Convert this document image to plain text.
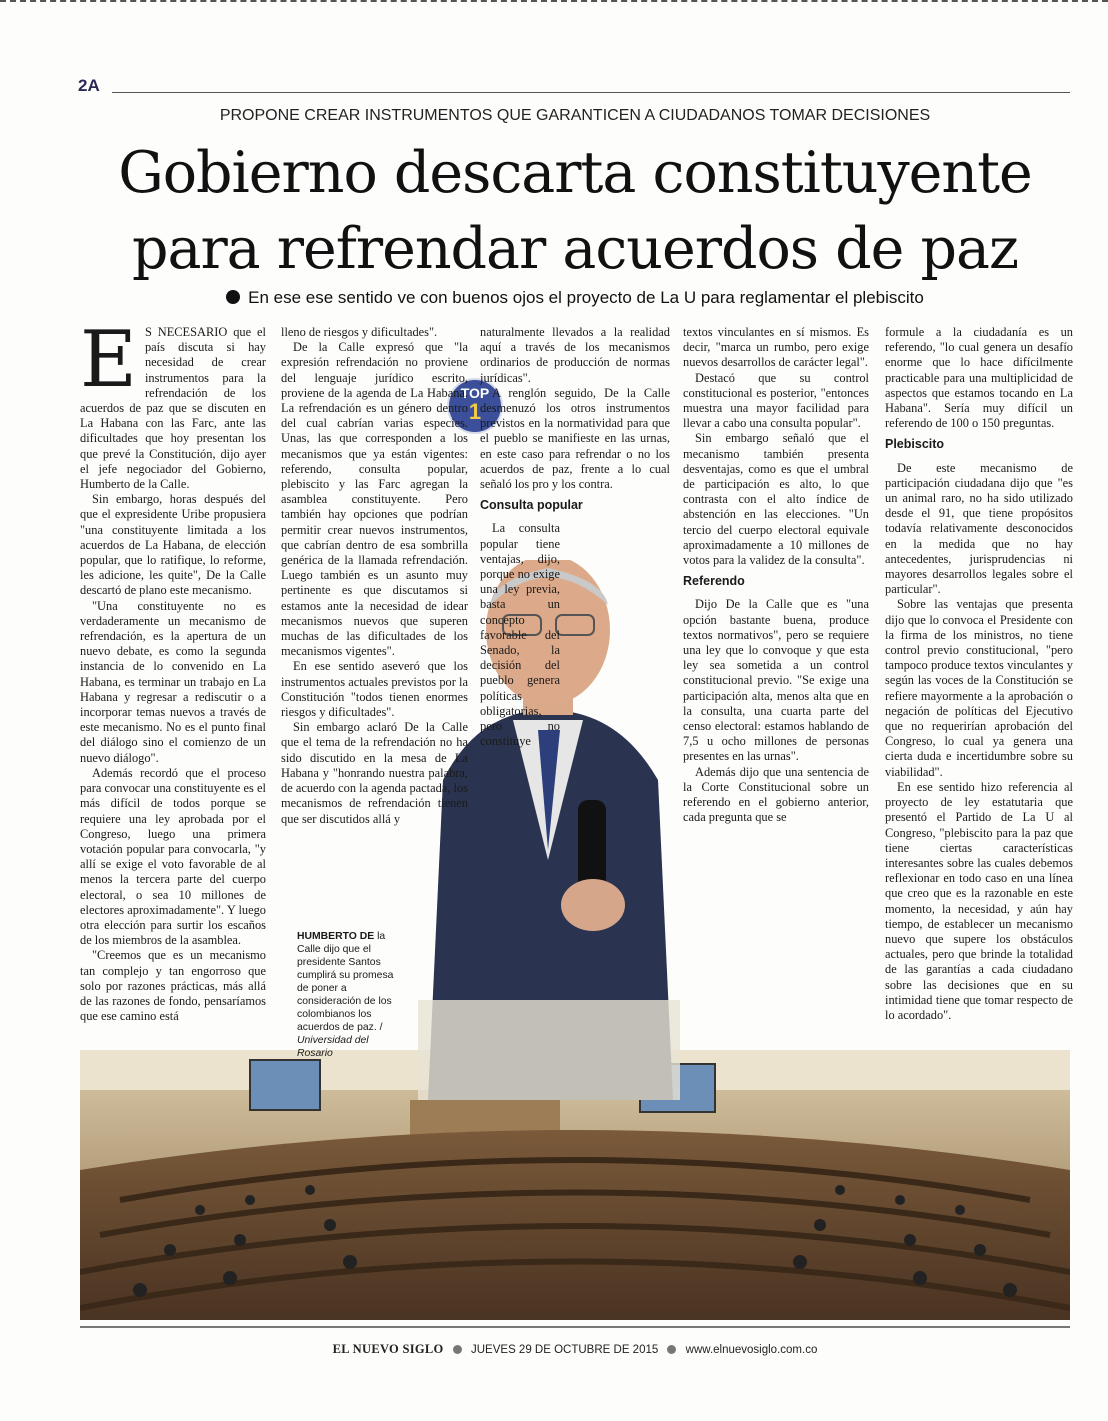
2A
PROPONE CREAR INSTRUMENTOS QUE GARANTICEN A CIUDADANOS TOMAR DECISIONES
Gobierno descarta constituyente
para refrendar acuerdos de paz
En ese ese sentido ve con buenos ojos el proyecto de La U para reglamentar el plebiscito
TOP
1

E S NECESARIO que el país discuta si hay necesidad de crear instrumentos para la refrendación de los acuerdos de paz que se discuten en La Habana con las Farc, ante las dificultades que hoy presentan los que prevé la Constitución, dijo ayer el jefe negociador del Gobierno, Humberto de la Calle.

Sin embargo, horas después del que el expresidente Uribe propusiera "una constituyente limitada a los acuerdos de La Habana, de elección popular, que lo ratifique, lo reforme, les adicione, les quite", De la Calle descartó de plano este mecanismo.

"Una constituyente no es verdaderamente un mecanismo de refrendación, es la apertura de un nuevo debate, es como la segunda instancia de lo convenido en La Habana, es terminar un trabajo en La Habana y regresar a rediscutir o a incorporar temas nuevos a través de este mecanismo. No es el punto final del diálogo sino el comienzo de un nuevo diálogo".

Además recordó que el proceso para convocar una constituyente es el más difícil de todos porque se requiere una ley aprobada por el Congreso, luego una primera votación popular para convocarla, "y allí se exige el voto favorable de al menos la tercera parte del cuerpo electoral, o sea 10 millones de electores aproximadamente". Y luego otra elección para surtir los escaños de los miembros de la asamblea.

"Creemos que es un mecanismo tan complejo y tan engorroso que solo por razones prácticas, más allá de las razones de fondo, pensaríamos que ese camino está

lleno de riesgos y dificultades".

De la Calle expresó que "la expresión refrendación no proviene del lenguaje jurídico escrito, proviene de la agenda de La Habana. La refrendación es un género dentro del cual cabrían varias especies. Unas, las que corresponden a los mecanismos que ya están vigentes: referendo, consulta popular, plebiscito y las Farc agregan la asamblea constituyente. Pero también hay opciones que podrían permitir crear nuevos instrumentos, que cabrían dentro de esa sombrilla genérica de la llamada refrendación. Luego también es un asunto muy pertinente es que discutamos si estamos ante la necesidad de idear mecanismos nuevos que superen muchas de las dificultades de los mecanismos vigentes".

En ese sentido aseveró que los instrumentos actuales previstos por la Constitución "todos tienen enormes riesgos y dificultades".

Sin embargo aclaró De la Calle que el tema de la refrendación no ha sido discutido en la mesa de La Habana y "honrando nuestra palabra, de acuerdo con la agenda pactada, los mecanismos de refrendación tienen que ser discutidos allá y

naturalmente llevados a la realidad aquí a través de los mecanismos ordinarios de producción de normas jurídicas".

A renglón seguido, De la Calle desmenuzó los otros instrumentos previstos en la normatividad para que el pueblo se manifieste en las urnas, en este caso para refrendar o no los acuerdos de paz, frente a lo cual señaló los pro y los contra.

Consulta popular

La consulta popular tiene ventajas, dijo, porque no exige una ley previa, basta un concepto favorable del Senado, la decisión del pueblo genera políticas obligatorias, pero no constituye

textos vinculantes en sí mismos. Es decir, "marca un rumbo, pero exige nuevos desarrollos de carácter legal".

Destacó que su control constitucional es posterior, "entonces muestra una mayor facilidad para llevar a cabo una consulta popular".

Sin embargo señaló que el mecanismo también presenta desventajas, como es que el umbral de participación es alto, lo que contrasta con el alto índice de abstención en las elecciones. "Un tercio del cuerpo electoral equivale aproximadamente a 10 millones de votos para la validez de la consulta".

Referendo

Dijo De la Calle que es "una opción bastante buena, produce textos normativos", pero se requiere una ley que lo convoque y que esta ley sea sometida a un control constitucional previo. "Se exige una participación alta, menos alta que en la consulta, una cuarta parte del censo electoral: estamos hablando de 7,5 u ocho millones de personas presentes en las urnas".

Además dijo que una sentencia de la Corte Constitucional sobre un referendo en el gobierno anterior, cada pregunta que se

formule a la ciudadanía es un referendo, "lo cual genera un desafío enorme que lo hace difícilmente practicable para una multiplicidad de aspectos que estamos tocando en La Habana". Sería muy difícil un referendo de 100 o 150 preguntas.

Plebiscito

De este mecanismo de participación ciudadana dijo que "es un animal raro, no ha sido utilizado desde el 91, que tiene propósitos todavía relativamente desconocidos en la medida que no hay antecedentes, jurisprudencias ni mayores desarrollos legales sobre el particular".

Sobre las ventajas que presenta dijo que lo convoca el Presidente con la firma de los ministros, no tiene control previo constitucional, "pero tampoco produce textos vinculantes y según las voces de la Constitución se refiere mayormente a la aprobación o negación de políticas del Ejecutivo que no requerirían aprobación del Congreso, lo cual ya genera una cierta duda e incertidumbre sobre su viabilidad".

En ese sentido hizo referencia al proyecto de ley estatutaria que presentó el Partido de La U al Congreso, "plebiscito para la paz que tiene ciertas características interesantes sobre las cuales debemos reflexionar en todo caso en una línea que creo que es la razonable en este momento, la necesidad, y aún hay tiempo, de establecer un mecanismo nuevo que supere los obstáculos actuales, pero que brinde la totalidad de las garantías a cada ciudadano sobre las decisiones que en su intimidad tiene que tomar respecto de lo acordado".

HUMBERTO DE la Calle dijo que el presidente Santos cumplirá su promesa de poner a consideración de los colombianos los acuerdos de paz. / Universidad del Rosario
EL NUEVO SIGLO JUEVES 29 DE OCTUBRE DE 2015 www.elnuevosiglo.com.co
